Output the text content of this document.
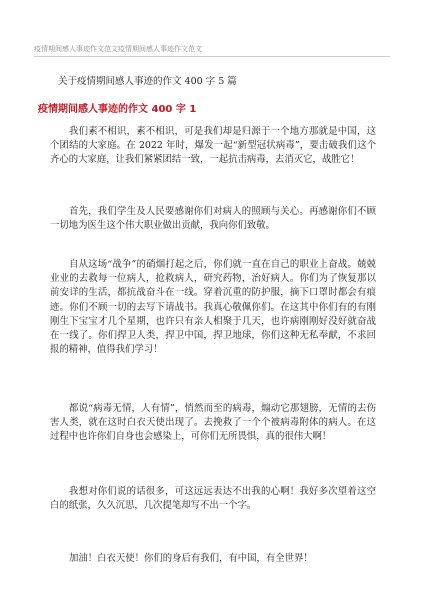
疫情期间感人事迹作文范文疫情期间感人事迹作文范文
关于疫情期间感人事迹的作文 400 字 5 篇
疫情期间感人事迹的作文 400 字 1

我们素不相识，素不相识，可是我们却是归源于一个地方那就是中国，这个团结的大家庭。在 2022 年时，爆发一起“新型冠状病毒”，要击破我们这个齐心的大家庭，让我们紧紧团结一致，一起抗击病毒，去消灭它，战胜它！

首先，我们学生及人民要感谢你们对病人的照顾与关心。再感谢你们不顾一切地为医生这个伟大职业做出贡献，我向你们致敬。

自从这场“战争”的硝烟打起之后，你们就一直在自己的职业上奋战。兢兢业业的去救每一位病人，抢救病人，研究药物，治好病人。你们为了恢复那以前安详的生活，都抗战奋斗在一线。穿着沉重的防护服，摘下口罩时都会有痕迹。你们不顾一切的去写下请战书。我真心敬佩你们。在这其中你们有的有刚刚生下宝宝才几个星期，也许只有亲人相聚于几天，也许病刚刚好没好就奋战在一线了。你们捍卫人类，捍卫中国，捍卫地球，你们这种无私奉献，不求回报的精神，值得我们学习！

都说“病毒无情，人有情”，悄然而至的病毒，煽动它那翅膀，无情的去伤害人类，就在这时白衣天使出现了。去挽救了一个个被病毒附体的病人。在这过程中也许你们自身也会感染上，可你们无所畏惧，真的很伟大啊！

我想对你们说的话很多，可这远远表达不出我的心啊！我好多次望着这空白的纸张，久久沉思，几次提笔却写不出一个字。

加油！白衣天使！你们的身后有我们，有中国，有全世界！
